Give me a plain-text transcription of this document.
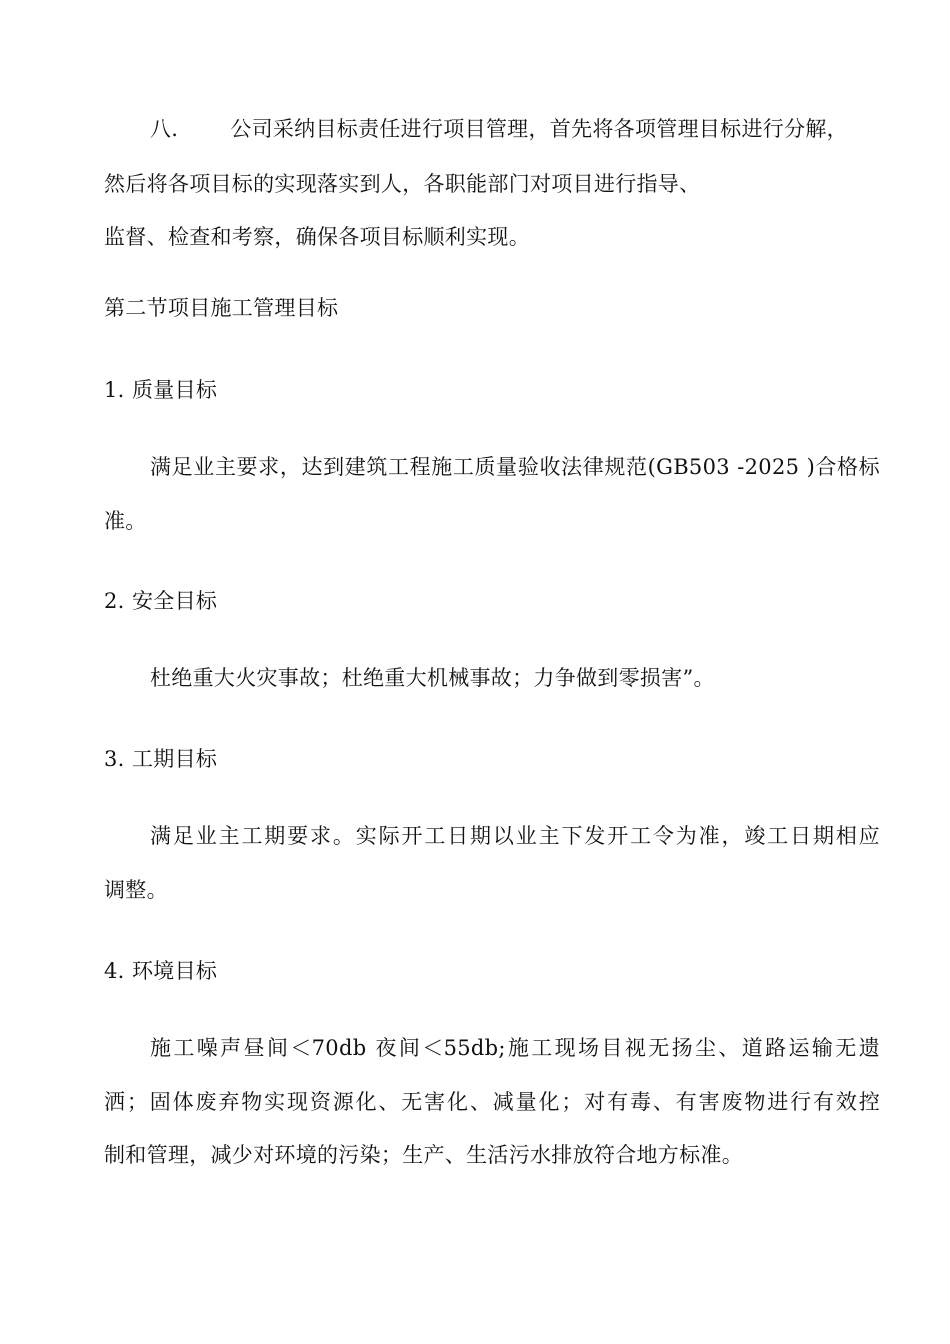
八. 公司采纳目标责任进行项目管理，首先将各项管理目标进行分解，
然后将各项目标的实现落实到人，各职能部门对项目进行指导、
监督、检查和考察，确保各项目标顺利实现。
第二节项目施工管理目标
1. 质量目标
满足业主要求，达到建筑工程施工质量验收法律规范(GB503 -2025 )合格标
准。
2. 安全目标
杜绝重大火灾事故；杜绝重大机械事故；力争做到零损害”。
3. 工期目标
满足业主工期要求。实际开工日期以业主下发开工令为准，竣工日期相应
调整。
4. 环境目标
施工噪声昼间＜70db 夜间＜55db;施工现场目视无扬尘、道路运输无遗
洒；固体废弃物实现资源化、无害化、减量化；对有毒、有害废物进行有效控
制和管理，减少对环境的污染；生产、生活污水排放符合地方标准。
